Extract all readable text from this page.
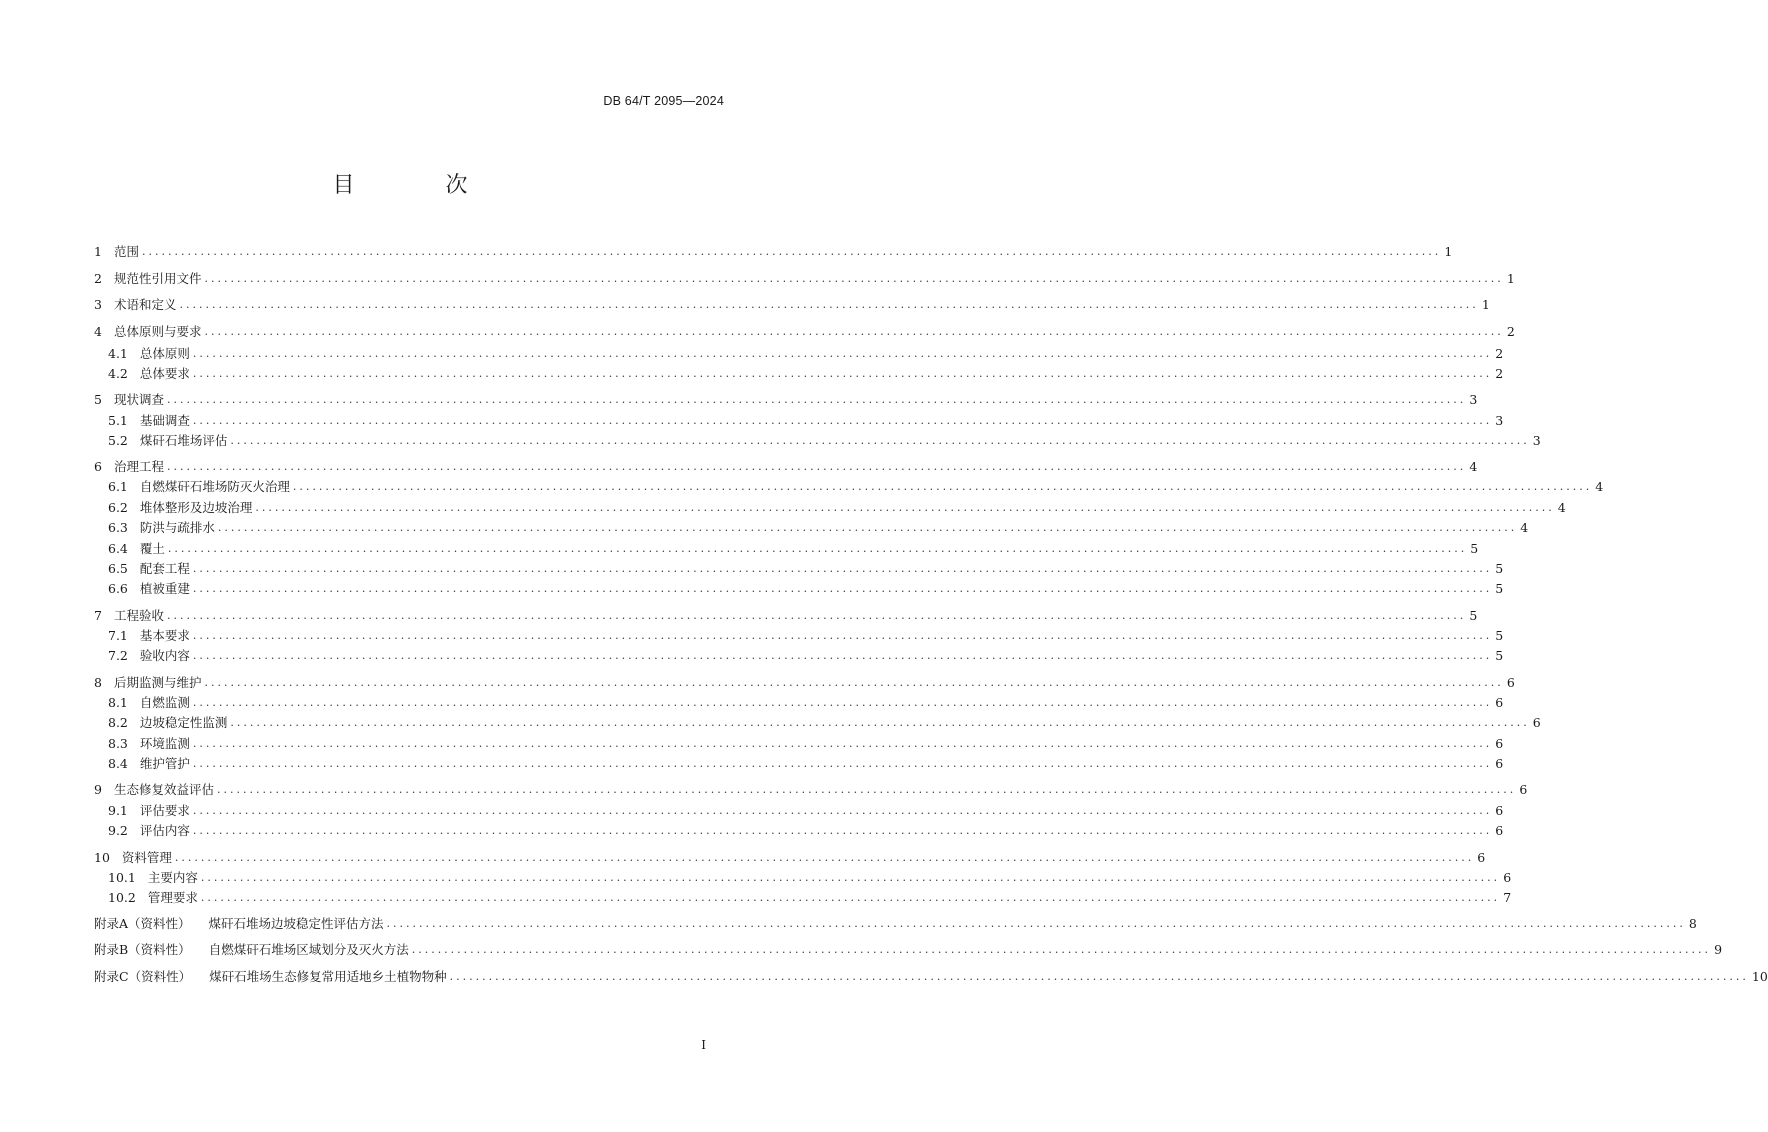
DB 64/T 2095—2024
目 次
1 范围 ........................................................................................................................................................................................................ 1
2 规范性引用文件 ........................................................................................................................................................................................................ 1
3 术语和定义 ........................................................................................................................................................................................................ 1
4 总体原则与要求 ........................................................................................................................................................................................................ 2
4.1 总体原则 ........................................................................................................................................................................................................ 2
4.2 总体要求 ........................................................................................................................................................................................................ 2
5 现状调查 ........................................................................................................................................................................................................ 3
5.1 基础调查 ........................................................................................................................................................................................................ 3
5.2 煤矸石堆场评估 ........................................................................................................................................................................................................ 3
6 治理工程 ........................................................................................................................................................................................................ 4
6.1 自燃煤矸石堆场防灭火治理 ........................................................................................................................................................................................................ 4
6.2 堆体整形及边坡治理 ........................................................................................................................................................................................................ 4
6.3 防洪与疏排水 ........................................................................................................................................................................................................ 4
6.4 覆土 ........................................................................................................................................................................................................ 5
6.5 配套工程 ........................................................................................................................................................................................................ 5
6.6 植被重建 ........................................................................................................................................................................................................ 5
7 工程验收 ........................................................................................................................................................................................................ 5
7.1 基本要求 ........................................................................................................................................................................................................ 5
7.2 验收内容 ........................................................................................................................................................................................................ 5
8 后期监测与维护 ........................................................................................................................................................................................................ 6
8.1 自燃监测 ........................................................................................................................................................................................................ 6
8.2 边坡稳定性监测 ........................................................................................................................................................................................................ 6
8.3 环境监测 ........................................................................................................................................................................................................ 6
8.4 维护管护 ........................................................................................................................................................................................................ 6
9 生态修复效益评估 ........................................................................................................................................................................................................ 6
9.1 评估要求 ........................................................................................................................................................................................................ 6
9.2 评估内容 ........................................................................................................................................................................................................ 6
10 资料管理 ........................................................................................................................................................................................................ 6
10.1 主要内容 ........................................................................................................................................................................................................ 6
10.2 管理要求 ........................................................................................................................................................................................................ 7
附录A（资料性） 煤矸石堆场边坡稳定性评估方法 ........................................................................................................................................................................................................ 8
附录B（资料性） 自燃煤矸石堆场区域划分及灭火方法 ........................................................................................................................................................................................................ 9
附录C（资料性） 煤矸石堆场生态修复常用适地乡土植物物种 ........................................................................................................................................................................................................ 10
I
